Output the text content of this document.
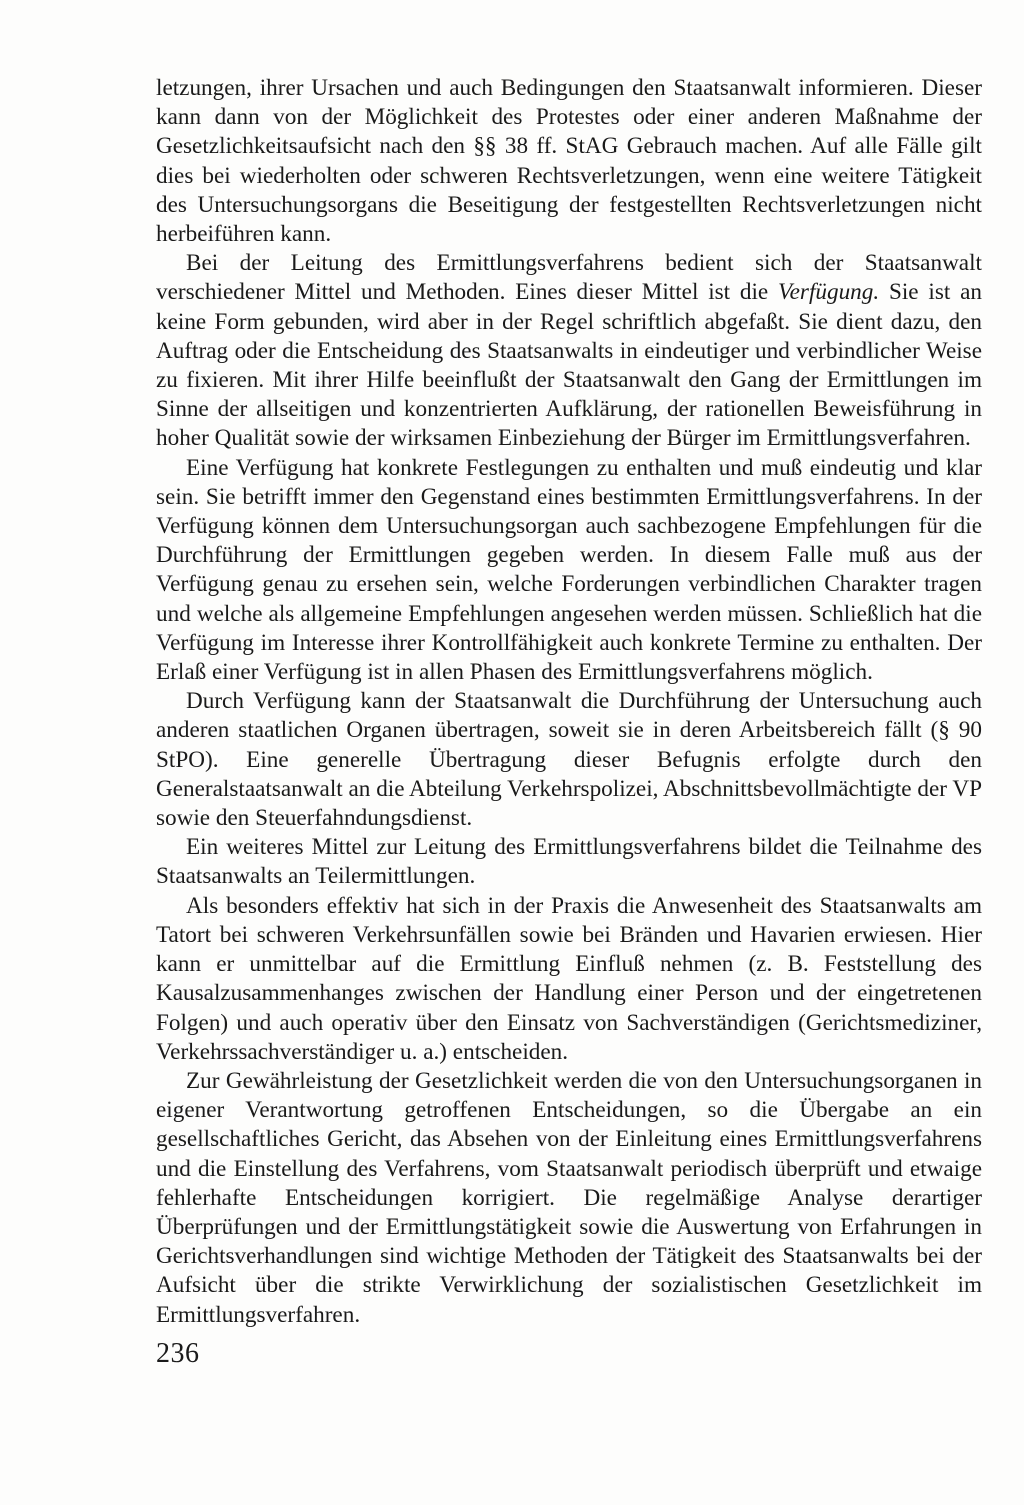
letzungen, ihrer Ursachen und auch Bedingungen den Staatsanwalt informieren. Dieser kann dann von der Möglichkeit des Protestes oder einer anderen Maßnahme der Gesetzlichkeitsaufsicht nach den §§ 38 ff. StAG Gebrauch machen. Auf alle Fälle gilt dies bei wiederholten oder schweren Rechtsverletzungen, wenn eine weitere Tätigkeit des Untersuchungsorgans die Beseitigung der festgestellten Rechtsverletzungen nicht herbeiführen kann.

Bei der Leitung des Ermittlungsverfahrens bedient sich der Staatsanwalt verschiedener Mittel und Methoden. Eines dieser Mittel ist die Verfügung. Sie ist an keine Form gebunden, wird aber in der Regel schriftlich abgefaßt. Sie dient dazu, den Auftrag oder die Entscheidung des Staatsanwalts in eindeutiger und verbindlicher Weise zu fixieren. Mit ihrer Hilfe beeinflußt der Staatsanwalt den Gang der Ermittlungen im Sinne der allseitigen und konzentrierten Aufklärung, der rationellen Beweisführung in hoher Qualität sowie der wirksamen Einbeziehung der Bürger im Ermittlungsverfahren.

Eine Verfügung hat konkrete Festlegungen zu enthalten und muß eindeutig und klar sein. Sie betrifft immer den Gegenstand eines bestimmten Ermittlungsverfahrens. In der Verfügung können dem Untersuchungsorgan auch sachbezogene Empfehlungen für die Durchführung der Ermittlungen gegeben werden. In diesem Falle muß aus der Verfügung genau zu ersehen sein, welche Forderungen verbindlichen Charakter tragen und welche als allgemeine Empfehlungen angesehen werden müssen. Schließlich hat die Verfügung im Interesse ihrer Kontrollfähigkeit auch konkrete Termine zu enthalten. Der Erlaß einer Verfügung ist in allen Phasen des Ermittlungsverfahrens möglich.

Durch Verfügung kann der Staatsanwalt die Durchführung der Untersuchung auch anderen staatlichen Organen übertragen, soweit sie in deren Arbeitsbereich fällt (§ 90 StPO). Eine generelle Übertragung dieser Befugnis erfolgte durch den Generalstaatsanwalt an die Abteilung Verkehrspolizei, Abschnittsbevollmächtigte der VP sowie den Steuerfahndungsdienst.

Ein weiteres Mittel zur Leitung des Ermittlungsverfahrens bildet die Teilnahme des Staatsanwalts an Teilermittlungen.

Als besonders effektiv hat sich in der Praxis die Anwesenheit des Staatsanwalts am Tatort bei schweren Verkehrsunfällen sowie bei Bränden und Havarien erwiesen. Hier kann er unmittelbar auf die Ermittlung Einfluß nehmen (z. B. Feststellung des Kausalzusammenhanges zwischen der Handlung einer Person und der eingetretenen Folgen) und auch operativ über den Einsatz von Sachverständigen (Gerichtsmediziner, Verkehrssachverständiger u. a.) entscheiden.

Zur Gewährleistung der Gesetzlichkeit werden die von den Untersuchungsorganen in eigener Verantwortung getroffenen Entscheidungen, so die Übergabe an ein gesellschaftliches Gericht, das Absehen von der Einleitung eines Ermittlungsverfahrens und die Einstellung des Verfahrens, vom Staatsanwalt periodisch überprüft und etwaige fehlerhafte Entscheidungen korrigiert. Die regelmäßige Analyse derartiger Überprüfungen und der Ermittlungstätigkeit sowie die Auswertung von Erfahrungen in Gerichtsverhandlungen sind wichtige Methoden der Tätigkeit des Staatsanwalts bei der Aufsicht über die strikte Verwirklichung der sozialistischen Gesetzlichkeit im Ermittlungsverfahren.

236
